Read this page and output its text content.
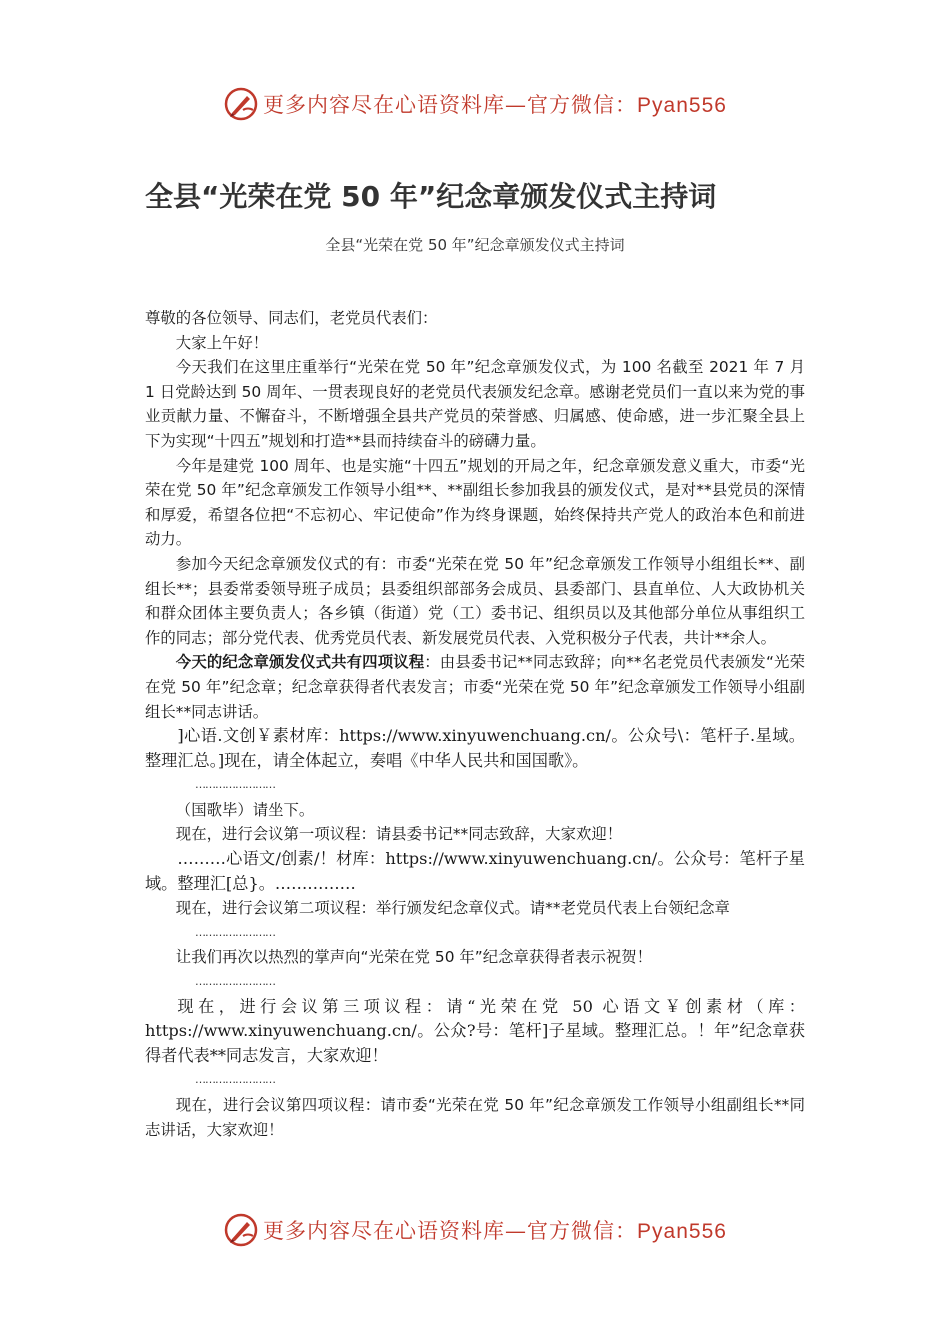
更多内容尽在心语资料库—官方微信：Pyan556
全县“光荣在党 50 年”纪念章颁发仪式主持词
全县“光荣在党 50 年”纪念章颁发仪式主持词

尊敬的各位领导、同志们，老党员代表们：

大家上午好！

今天我们在这里庄重举行“光荣在党 50 年”纪念章颁发仪式，为 100 名截至 2021 年 7 月 1 日党龄达到 50 周年、一贯表现良好的老党员代表颁发纪念章。感谢老党员们一直以来为党的事业贡献力量、不懈奋斗，不断增强全县共产党员的荣誉感、归属感、使命感，进一步汇聚全县上下为实现“十四五”规划和打造**县而持续奋斗的磅礴力量。

今年是建党 100 周年、也是实施“十四五”规划的开局之年，纪念章颁发意义重大，市委“光荣在党 50 年”纪念章颁发工作领导小组**、**副组长参加我县的颁发仪式，是对**县党员的深情和厚爱，希望各位把“不忘初心、牢记使命”作为终身课题，始终保持共产党人的政治本色和前进动力。

参加今天纪念章颁发仪式的有：市委“光荣在党 50 年”纪念章颁发工作领导小组组长**、副组长**；县委常委领导班子成员；县委组织部部务会成员、县委部门、县直单位、人大政协机关和群众团体主要负责人；各乡镇（街道）党（工）委书记、组织员以及其他部分单位从事组织工作的同志；部分党代表、优秀党员代表、新发展党员代表、入党积极分子代表，共计**余人。

今天的纪念章颁发仪式共有四项议程：由县委书记**同志致辞；向**名老党员代表颁发“光荣在党 50 年”纪念章；纪念章获得者代表发言；市委“光荣在党 50 年”纪念章颁发工作领导小组副组长**同志讲话。

]心语.文创￥素材库：https://www.xinyuwenchuang.cn/。公众号\：笔杆子.星域。整理汇总。]现在，请全体起立，奏唱《中华人民共和国国歌》。

……………………

（国歌毕）请坐下。

现在，进行会议第一项议程：请县委书记**同志致辞，大家欢迎！

………心语文/创素/！材库：https://www.xinyuwenchuang.cn/。公众号：笔杆子星域。整理汇[总}。……………

现在，进行会议第二项议程：举行颁发纪念章仪式。请**老党员代表上台领纪念章

……………………

让我们再次以热烈的掌声向“光荣在党 50 年”纪念章获得者表示祝贺！

……………………

现在，进行会议第三项议程：请“光荣在党 50 心语文￥创素材（库：https://www.xinyuwenchuang.cn/。公众?号：笔杆]子星域。整理汇总。！年”纪念章获得者代表**同志发言，大家欢迎！

……………………

现在，进行会议第四项议程：请市委“光荣在党 50 年”纪念章颁发工作领导小组副组长**同志讲话，大家欢迎！

更多内容尽在心语资料库—官方微信：Pyan556
